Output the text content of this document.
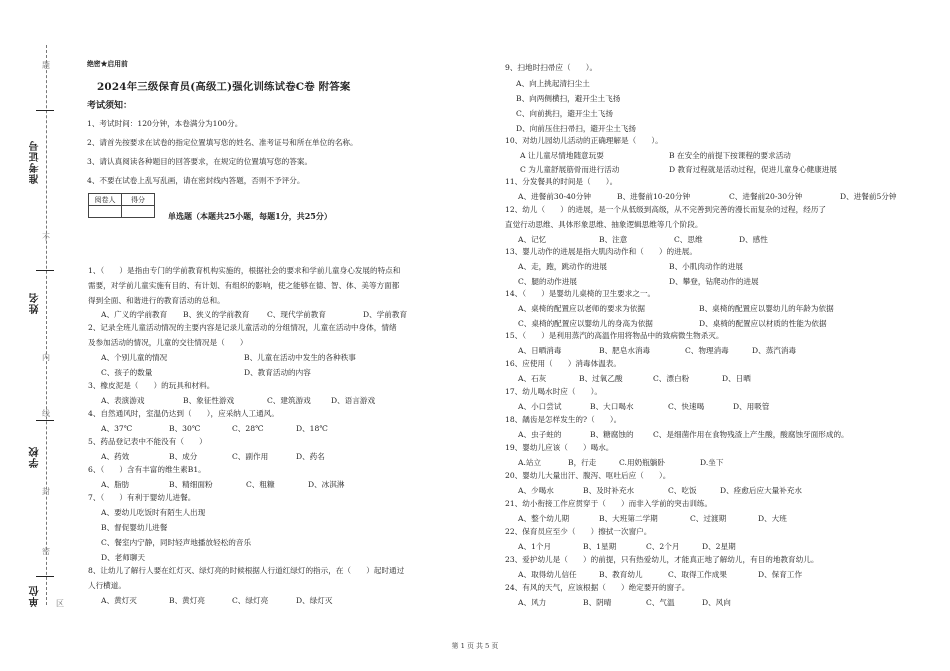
准考证号
姓名
学校
单位
题
不
内
线
封
密
区
绝密★启用前
2024年三级保育员(高级工)强化训练试卷C卷 附答案
考试须知：
1、考试时间：120分钟，本卷满分为100分。
2、请首先按要求在试卷的指定位置填写您的姓名、准考证号和所在单位的名称。
3、请认真阅读各种题目的回答要求，在规定的位置填写您的答案。
4、不要在试卷上乱写乱画，请在密封线内答题，否则不予评分。
阅卷人	得分

单选题（本题共25小题，每题1分，共25分）
1、（　　）是指由专门的学前教育机构实施的，根据社会的要求和学前儿童身心发展的特点和
需要，对学前儿童实施有目的、有计划、有组织的影响，使之能够在德、智、体、美等方面都
得到全面、和谐进行的教育活动的总和。
A、广义的学前教育 B、狭义的学前教育 C、现代学前教育	D、学前教育
2、记录全班儿童活动情况的主要内容是记录儿童活动的分组情况，儿童在活动中身体，情绪
及参加活动的情况，儿童的交往情况是（　　）
A、个别儿童的情况	B、儿童在活动中发生的各种秩事
C、孩子的数量	D、教育活动的内容
3、橡皮泥是（　　）的玩具和材料。
A、表演游戏	B、象征性游戏	C、建筑游戏	D、语言游戏
4、自然通风时，室温仍达到（　　），应采纳人工通风。
A、37℃	B、30℃	C、28℃	D、18℃
5、药品登记表中不能没有（　　）
A、药效	B、成分	C、副作用	D、药名
6、（　　）含有丰富的维生素B1。
A、脂肪	B、精细面粉	C、粗糠	D、冰淇淋
7、（　　）有利于婴幼儿进餐。
A、要幼儿吃饭时有陌生人出现
B、督促婴幼儿进餐
C、餐室内宁静，同时轻声地播放轻松的音乐
D、老师聊天
8、让幼儿了解行人要在红灯灭、绿灯亮的时候根据人行道红绿灯的指示，在（　　）起时通过
人行横道。
A、黄灯灭	B、黄灯亮	C、绿灯亮	D、绿灯灭
9、扫地时扫帚应（　　）。
A、向上挑起清扫尘土
B、向两侧横扫，避开尘土飞扬
C、向前挑扫，避开尘土飞扬
D、向前压住扫帚扫，避开尘土飞扬
10、对幼儿园幼儿活动的正确理解是（　　）。
A 让儿童尽情地随意玩耍	B 在安全的前提下按课程的要求活动
C 为儿童舒展筋骨而进行活动	D 教育过程就是活动过程，促进儿童身心健康进展
11、分发餐具的时间是（　　）。
A、进餐前30-40分钟	B、进餐前10-20分钟	C、进餐前20-30分钟	D、进餐前5分钟
12、幼儿（　　）的进展，是一个从低级到高级，从不完善到完善的漫长而复杂的过程，经历了
直觉行动思维、具体形象思维、抽象逻辑思维等几个阶段。
A、记忆	B、注意	C、思维	D、感性
13、婴儿动作的进展是指大肌肉动作和（　　）的进展。
A、走，跑，跳动作的进展	B、小肌肉动作的进展
C、腿的动作进展	D、攀登，钻爬动作的进展
14、（　　）是婴幼儿桌椅的卫生要求之一。
A、桌椅的配置应以老师的要求为依据	B、桌椅的配置应以婴幼儿的年龄为依据
C、桌椅的配置应以婴幼儿的身高为依据	D、桌椅的配置应以材质的性能为依据
15、（　　）是利用蒸汽的高温作用将物品中的致病微生物杀灭。
A、日晒消毒	B、肥皂水消毒	C、物理消毒	D、蒸汽消毒
16、应使用（　　）消毒体温表。
A、石灰	B、过氧乙酸	C、漂白粉	D、日晒
17、幼儿喝水时应（　　）。
A、小口尝试	B、大口喝水	C、快速喝	D、用吸管
18、龋齿是怎样发生的?（　　）。
A、虫子蛀的	B、糖腐蚀的	C、是细菌作用在食物残渣上产生酸，酸腐蚀牙面形成的。
19、婴幼儿应该（　　）喝水。
A.站立	B，行走	C.用奶瓶躺卧	D.坐下
20、婴幼儿大量出汗、腹泻、呕吐后应（　　）。
A、少喝水	B、及时补充水	C、吃饭	D、痊愈后应大量补充水
21、幼小衔接工作应贯穿于（　　）而非入学前的突击训练。
A、整个幼儿期	B、大班第二学期	C、过渡期	D、大班
22、保育员应至少（　　）擦拭一次窗户。
A、1个月	B、1星期	C、2个月	D、2星期
23、爱护幼儿是（　　）的前提，只有热爱幼儿，才能真正地了解幼儿，有目的地教育幼儿。
A、取得幼儿信任	B、教育幼儿	C、取得工作成果	D、保育工作
24、有风的天气，应该根据（　　）绝定要开的窗子。
A、风力	B、阴晴	C、气温	D、风向
第 1 页 共 5 页
